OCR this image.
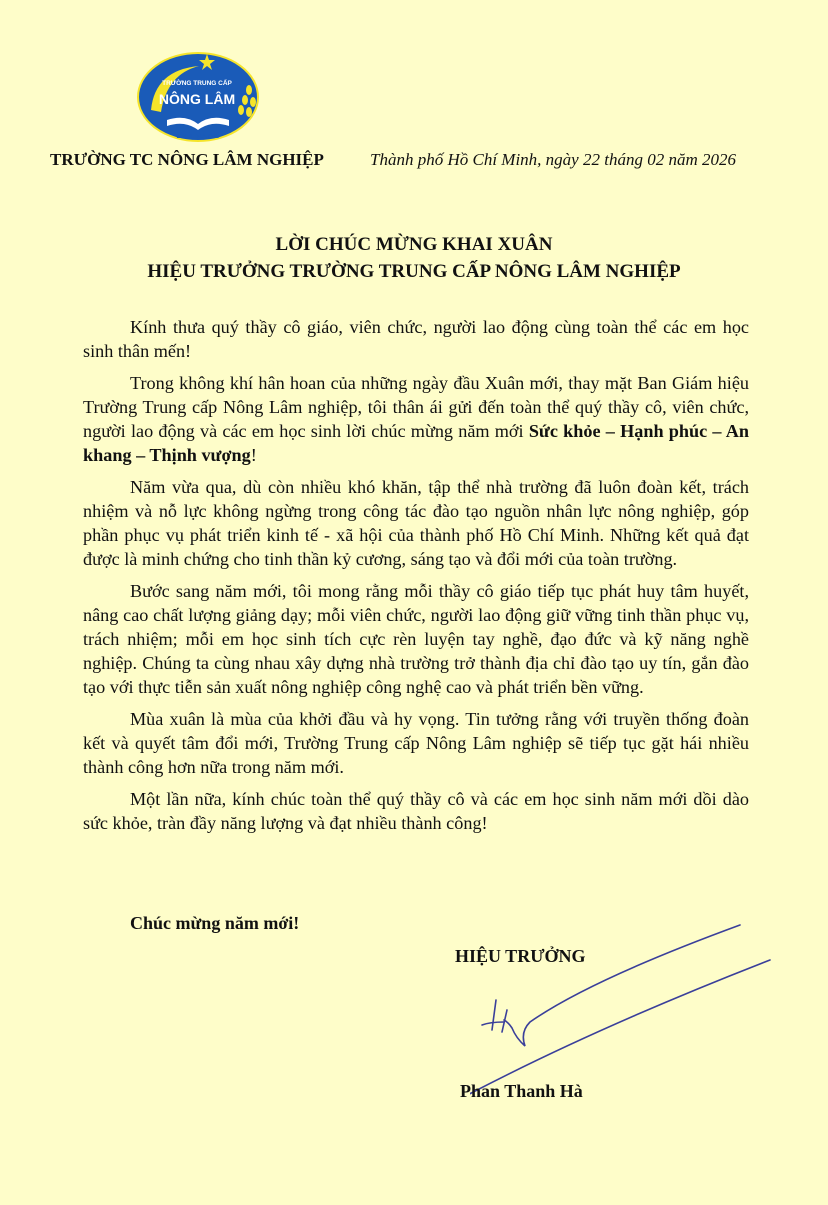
TRƯỜNG TRUNG CẤP
NÔNG LÂM
BÌNH DƯƠNG
TRƯỜNG TC NÔNG LÂM NGHIỆP	Thành phố Hồ Chí Minh, ngày 22 tháng 02 năm 2026
LỜI CHÚC MỪNG KHAI XUÂN
HIỆU TRƯỞNG TRƯỜNG TRUNG CẤP NÔNG LÂM NGHIỆP

Kính thưa quý thầy cô giáo, viên chức, người lao động cùng toàn thể các em học sinh thân mến!

Trong không khí hân hoan của những ngày đầu Xuân mới, thay mặt Ban Giám hiệu Trường Trung cấp Nông Lâm nghiệp, tôi thân ái gửi đến toàn thể quý thầy cô, viên chức, người lao động và các em học sinh lời chúc mừng năm mới Sức khỏe – Hạnh phúc – An khang – Thịnh vượng!

Năm vừa qua, dù còn nhiều khó khăn, tập thể nhà trường đã luôn đoàn kết, trách nhiệm và nỗ lực không ngừng trong công tác đào tạo nguồn nhân lực nông nghiệp, góp phần phục vụ phát triển kinh tế - xã hội của thành phố Hồ Chí Minh. Những kết quả đạt được là minh chứng cho tinh thần kỷ cương, sáng tạo và đổi mới của toàn trường.

Bước sang năm mới, tôi mong rằng mỗi thầy cô giáo tiếp tục phát huy tâm huyết, nâng cao chất lượng giảng dạy; mỗi viên chức, người lao động giữ vững tinh thần phục vụ, trách nhiệm; mỗi em học sinh tích cực rèn luyện tay nghề, đạo đức và kỹ năng nghề nghiệp. Chúng ta cùng nhau xây dựng nhà trường trở thành địa chỉ đào tạo uy tín, gắn đào tạo với thực tiễn sản xuất nông nghiệp công nghệ cao và phát triển bền vững.

Mùa xuân là mùa của khởi đầu và hy vọng. Tin tưởng rằng với truyền thống đoàn kết và quyết tâm đổi mới, Trường Trung cấp Nông Lâm nghiệp sẽ tiếp tục gặt hái nhiều thành công hơn nữa trong năm mới.

Một lần nữa, kính chúc toàn thể quý thầy cô và các em học sinh năm mới dồi dào sức khỏe, tràn đầy năng lượng và đạt nhiều thành công!

Chúc mừng năm mới!
HIỆU TRƯỞNG
Phan Thanh Hà
